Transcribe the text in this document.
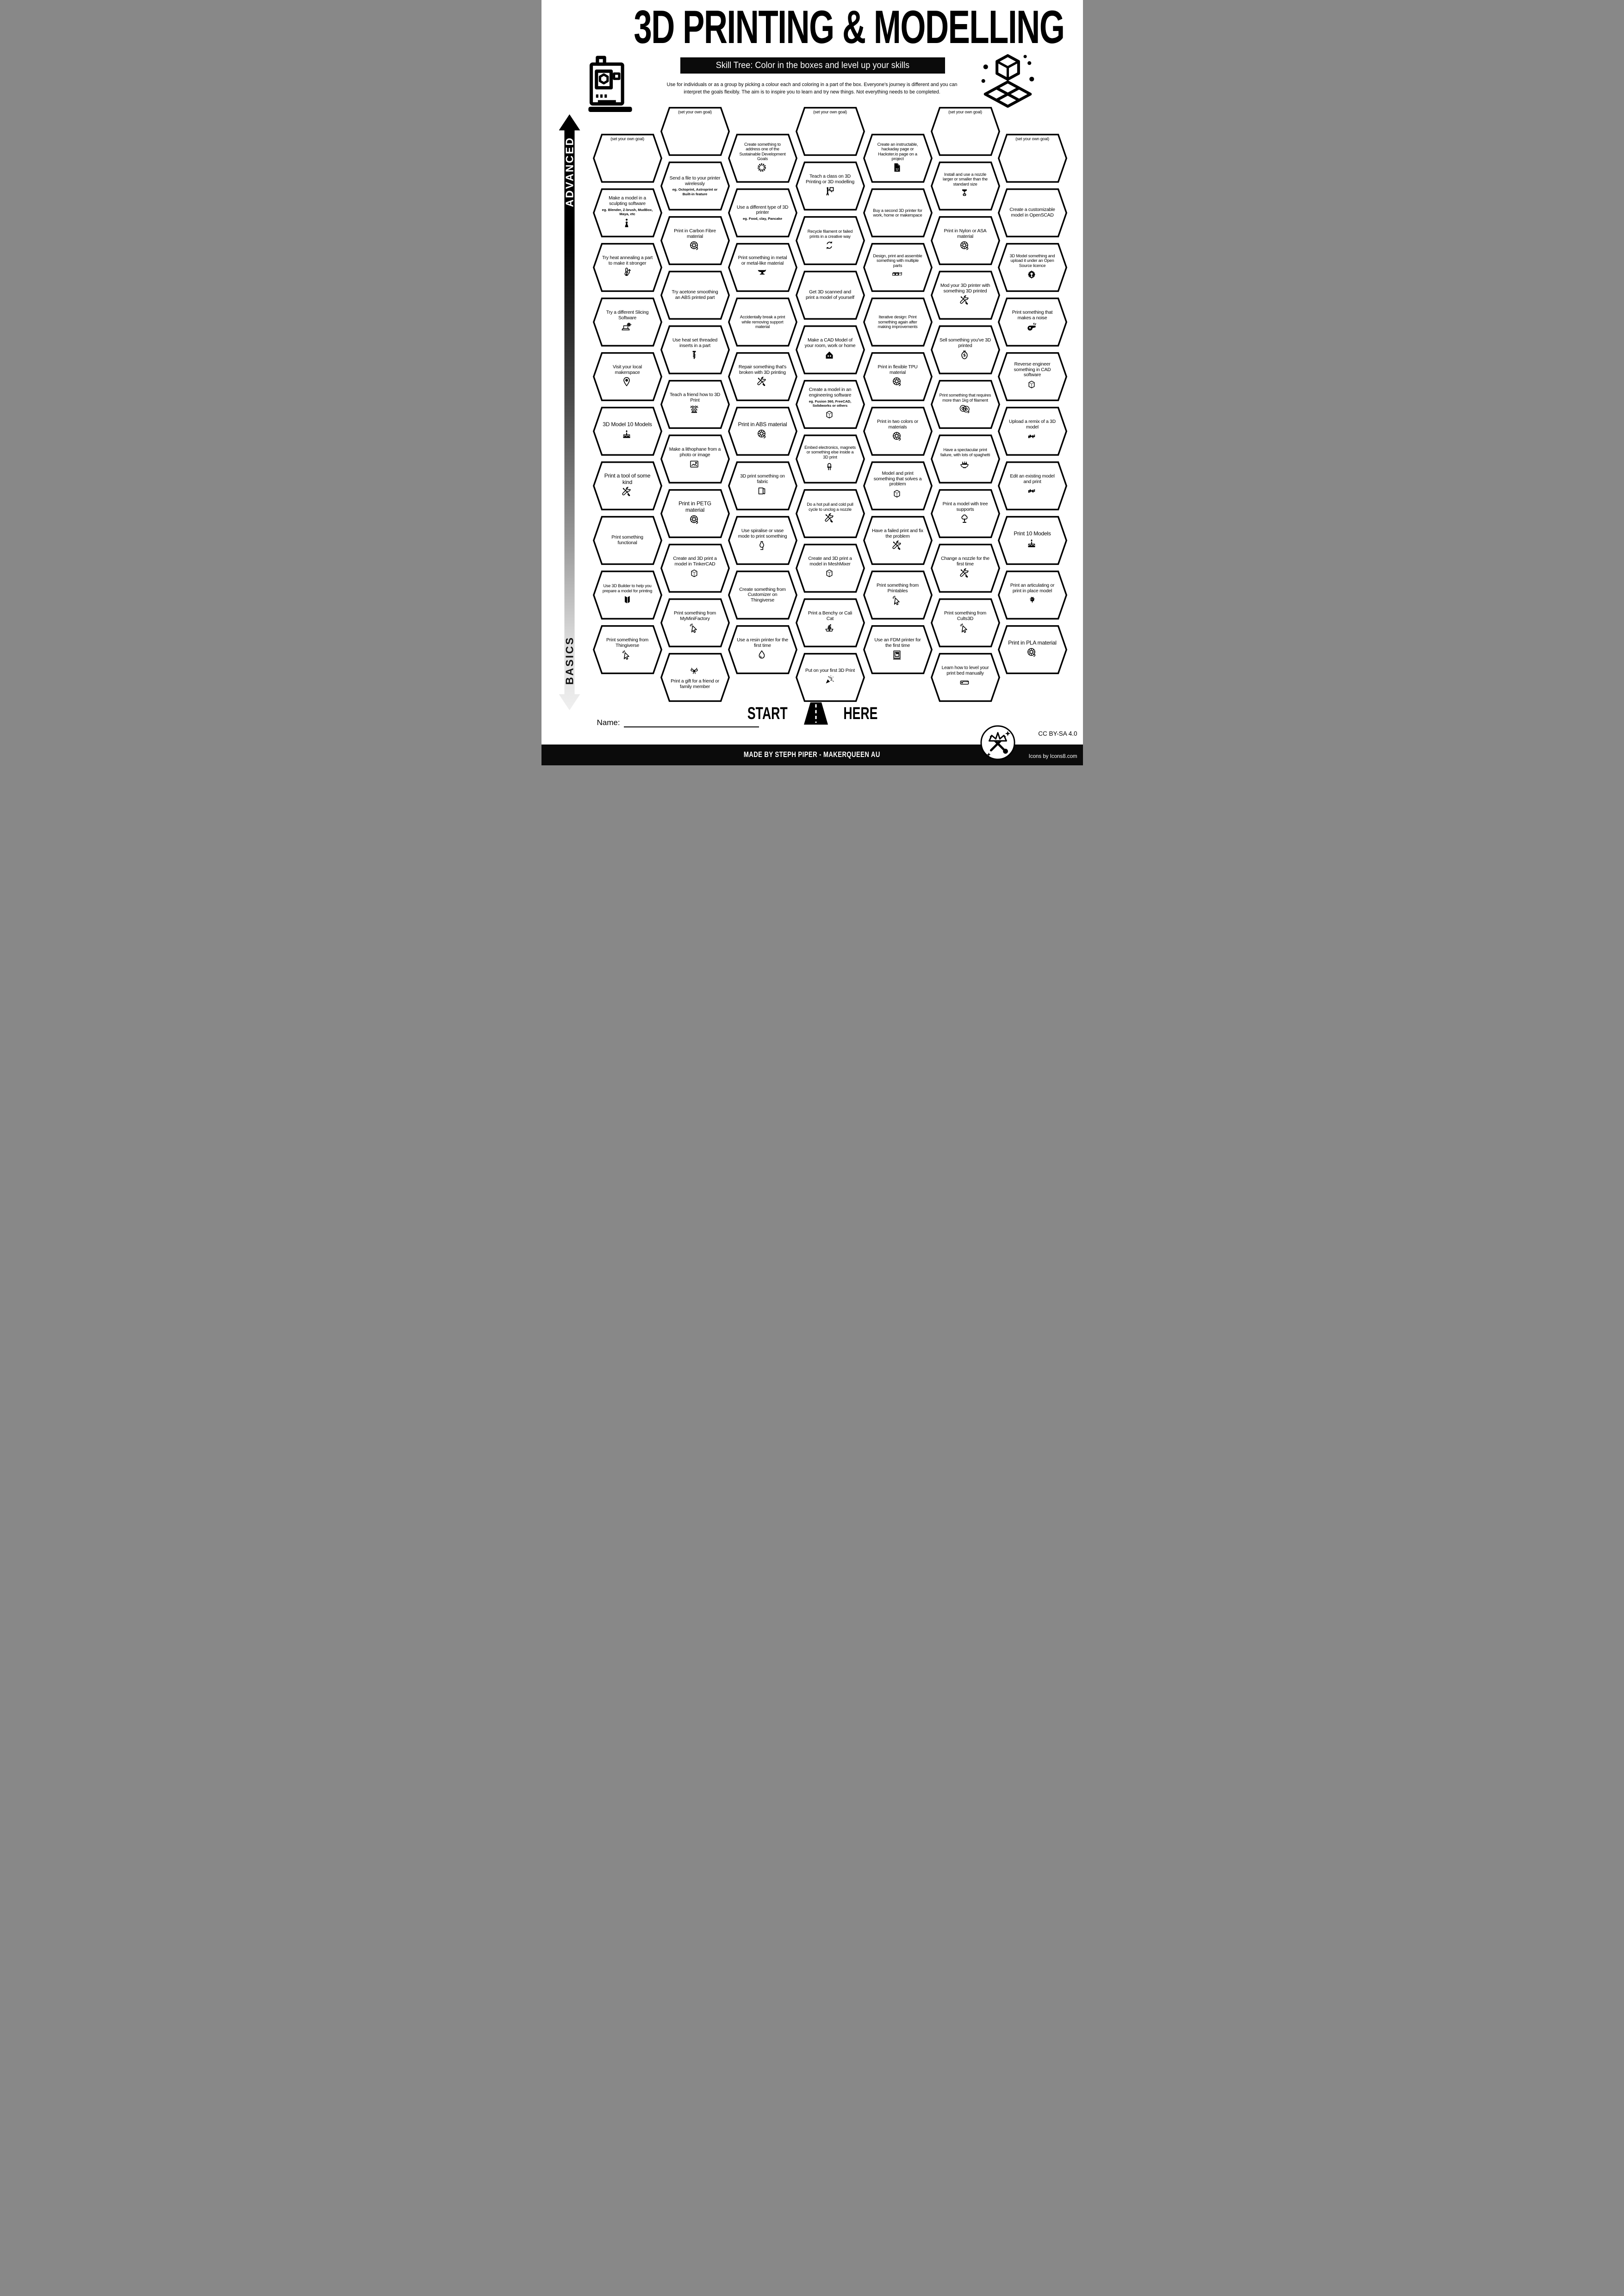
3D PRINTING & MODELLING
Skill Tree: Color in the boxes and level up your skills
Use for individuals or as a group by picking a colour each and coloring in a part of the box. Everyone's journey is different and you can
interpret the goals flexibly. The aim is to inspire you to learn and try new things. Not everything needs to be completed.
ADVANCED
BASICS
(set your own goal)
Make a model in a sculpting software
eg. Blender, Z-brush, MudBox, Maya, etc
Try heat annealing a part to make it stronger
Try a different Slicing Software
Visit your local makerspace
3D Model 10 Models
Print a tool of some kind
Print something functional
Use 3D Builder to help you prepare a model for printing
Print something from Thingiverse
(set your own goal)
Send a file to your printer wirelessly
eg. Octoprint, Astroprint or Built-in feature
Print in Carbon Fibre material
Try acetone smoothing an ABS printed part
Use heat set threaded inserts in a part
Teach a friend how to 3D Print
Make a lithophane from a photo or image
Print in PETG material
Create and 3D print a model in TinkerCAD
Print something from MyMiniFactory
Print a gift for a friend or family member
Create something to address one of the Sustainable Development Goals
Use a different type of 3D printer
eg. Food, clay, Pancake
Print something in metal or metal-like material
Accidentally break a print while removing support material
Repair something that's broken with 3D printing
Print in ABS material
3D print something on fabric
Use spiralise or vase mode to print something
Create something from Customizer on Thingiverse
Use a resin printer for the first time
(set your own goal)
Teach a class on 3D Printing or 3D modelling
Recycle filament or failed prints in a creative way
Get 3D scanned and print a model of yourself
Make a CAD Model of your room, work or home
Create a model in an engineering software
eg. Fusion 360, FreeCAD, Solidworks or others
Embed electronics, magnets or something else inside a 3D print
Do a hot pull and cold pull cycle to unclog a nozzle
Create and 3D print a model in MeshMixer
Print a Benchy or Cali Cat
Put on your first 3D Print
Create an instructable, hackaday page or Hackster.io page on a project
Buy a second 3D printer for work, home or makerspace
Design, print and assemble something with multiple parts
Iterative design: Print something again after making improvements
Print in flexible TPU material
Print in two colors or materials
Model and print something that solves a problem
Have a failed print and fix the problem
Print something from Printables
Use an FDM printer for the first time
(set your own goal)
Install and use a nozzle larger or smaller than the standard size
Print in Nylon or ASA material
Mod your 3D printer with something 3D printed
Sell something you've 3D printed
Print something that requires more than 1kg of filament
Have a spectacular print failure, with lots of spaghetti
Print a model with tree supports
Change a nozzle for the first time
Print something from Cults3D
Learn how to level your print bed manually
(set your own goal)
Create a customizable model in OpenSCAD
3D Model something and upload it under an Open Source licence
Print something that makes a noise
Reverse engineer something in CAD software
Upload a remix of a 3D model
Edit an existing model and print
Print 10 Models
Print an articulating or print in place model
Print in PLA material
START	HERE
Name:
CC BY-SA 4.0
MADE BY STEPH PIPER - MAKERQUEEN AU	Icons by Icons8.com
